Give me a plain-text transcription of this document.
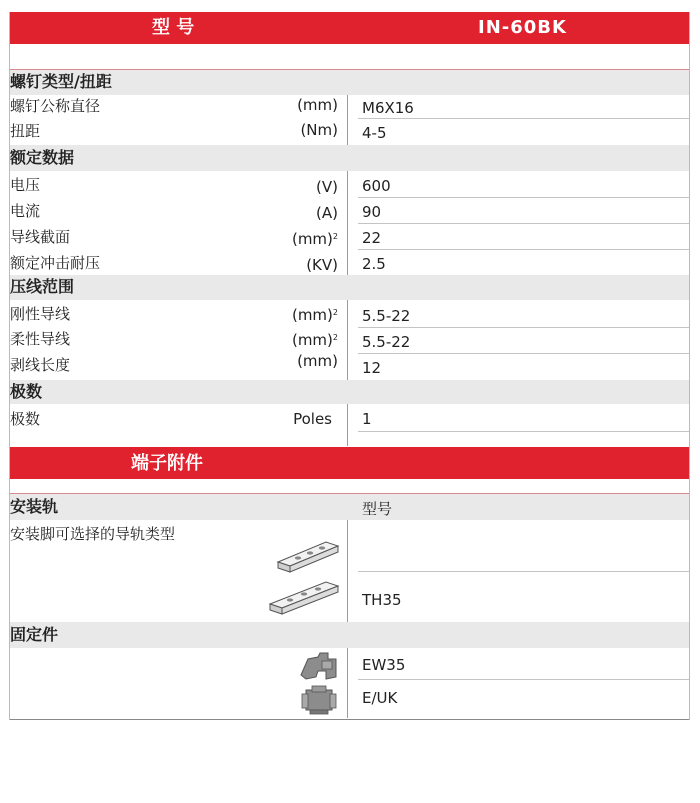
型 号	IN-60BK
螺钉类型/扭距
螺钉公称直径	(mm) M6X16
扭距	(Nm) 4-5
额定数据
电压	(V) 600
电流	(A) 90
导线截面	(mm)$^2$ 22
额定冲击耐压	(KV) 2.5
压线范围
刚性导线	(mm)$^2$ 5.5-22
柔性导线	(mm)$^2$ 5.5-22
剥线长度	(mm) 12
极数
极数	Poles 1
端子附件
安装轨	型号
安装脚可选择的导轨类型
TH35
固定件
EW35
E/UK
